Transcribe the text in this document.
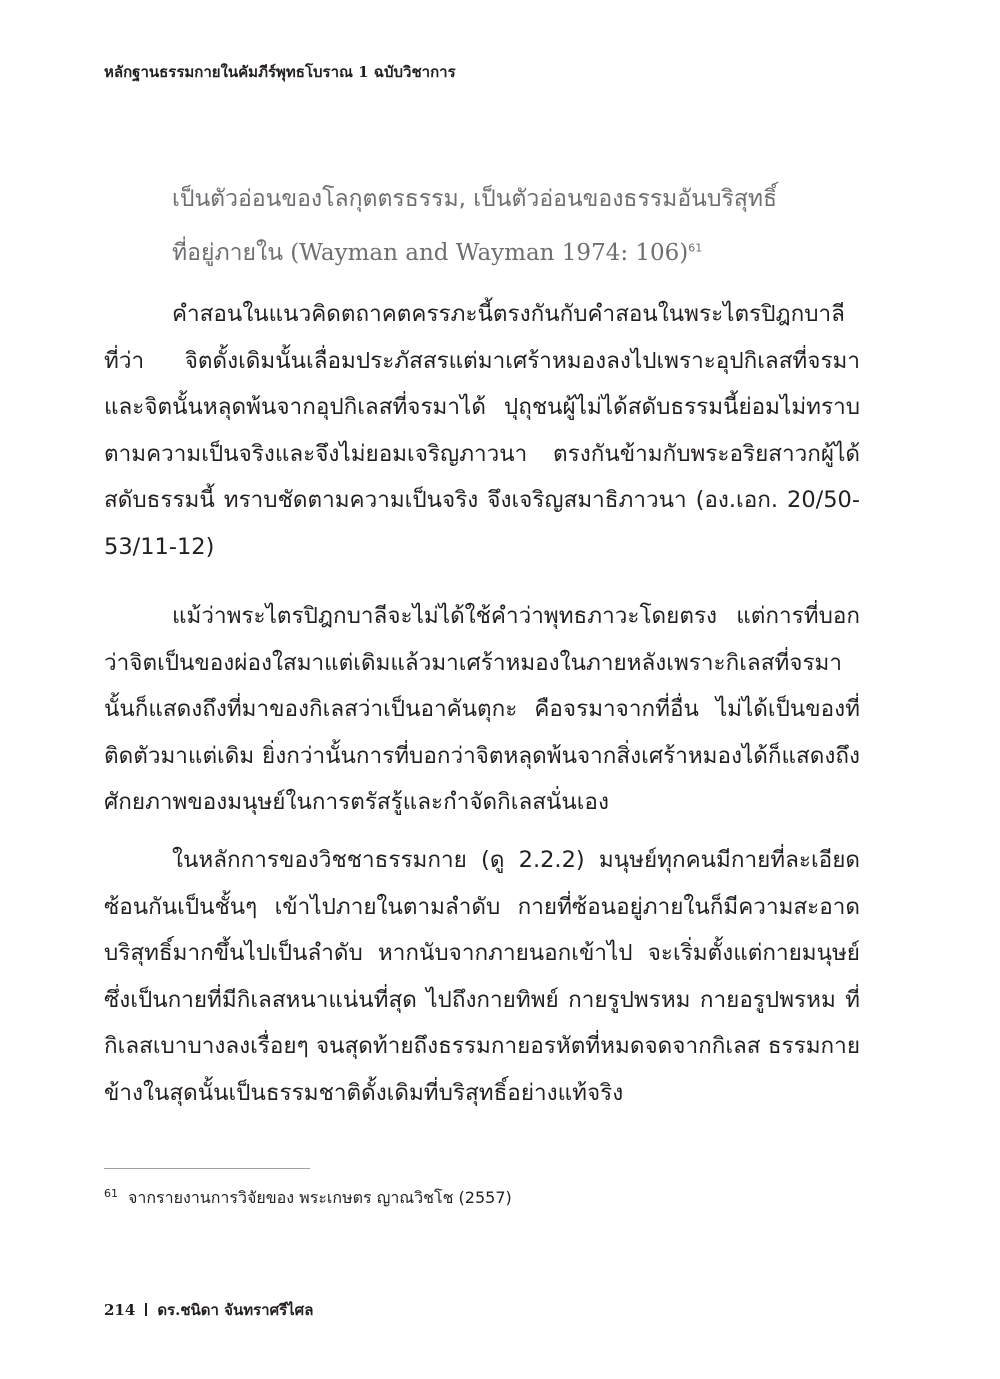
หลักฐานธรรมกายในคัมภีร์พุทธโบราณ 1 ฉบับวิชาการ
เป็นตัวอ่อนของโลกุตตรธรรม, เป็นตัวอ่อนของธรรมอันบริสุทธิ์
ที่อยู่ภายใน (Wayman and Wayman 1974: 106)$^{61}$

คำสอนในแนวคิดตถาคตครรภะนี้ตรงกันกับคำสอนในพระไตรปิฎกบาลี ที่ว่า จิตดั้งเดิมนั้นเลื่อมประภัสสรแต่มาเศร้าหมองลงไปเพราะอุปกิเลสที่จรมา และจิตนั้นหลุดพ้นจากอุปกิเลสที่จรมาได้ ปุถุชนผู้ไม่ได้สดับธรรมนี้ย่อมไม่ทราบตามความเป็นจริงและจึงไม่ยอมเจริญภาวนา ตรงกันข้ามกับพระอริยสาวกผู้ได้สดับธรรมนี้ ทราบชัดตามความเป็นจริง จึงเจริญสมาธิภาวนา (อง.เอก. 20/50-53/11-12)

แม้ว่าพระไตรปิฎกบาลีจะไม่ได้ใช้คำว่าพุทธภาวะโดยตรง แต่การที่บอกว่าจิตเป็นของผ่องใสมาแต่เดิมแล้วมาเศร้าหมองในภายหลังเพราะกิเลสที่จรมานั้นก็แสดงถึงที่มาของกิเลสว่าเป็นอาคันตุกะ คือจรมาจากที่อื่น ไม่ได้เป็นของที่ติดตัวมาแต่เดิม ยิ่งกว่านั้นการที่บอกว่าจิตหลุดพ้นจากสิ่งเศร้าหมองได้ก็แสดงถึงศักยภาพของมนุษย์ในการตรัสรู้และกำจัดกิเลสนั่นเอง

ในหลักการของวิชชาธรรมกาย (ดู 2.2.2) มนุษย์ทุกคนมีกายที่ละเอียดซ้อนกันเป็นชั้นๆ เข้าไปภายในตามลำดับ กายที่ซ้อนอยู่ภายในก็มีความสะอาดบริสุทธิ์มากขึ้นไปเป็นลำดับ หากนับจากภายนอกเข้าไป จะเริ่มตั้งแต่กายมนุษย์ซึ่งเป็นกายที่มีกิเลสหนาแน่นที่สุด ไปถึงกายทิพย์ กายรูปพรหม กายอรูปพรหม ที่กิเลสเบาบางลงเรื่อยๆ จนสุดท้ายถึงธรรมกายอรหัตที่หมดจดจากกิเลส ธรรมกายข้างในสุดนั้นเป็นธรรมชาติดั้งเดิมที่บริสุทธิ์อย่างแท้จริง

$^{61}$ จากรายงานการวิจัยของ พระเกษตร ญาณวิชโช (2557)
214 ดร.ชนิดา จันทราศรีไศล
